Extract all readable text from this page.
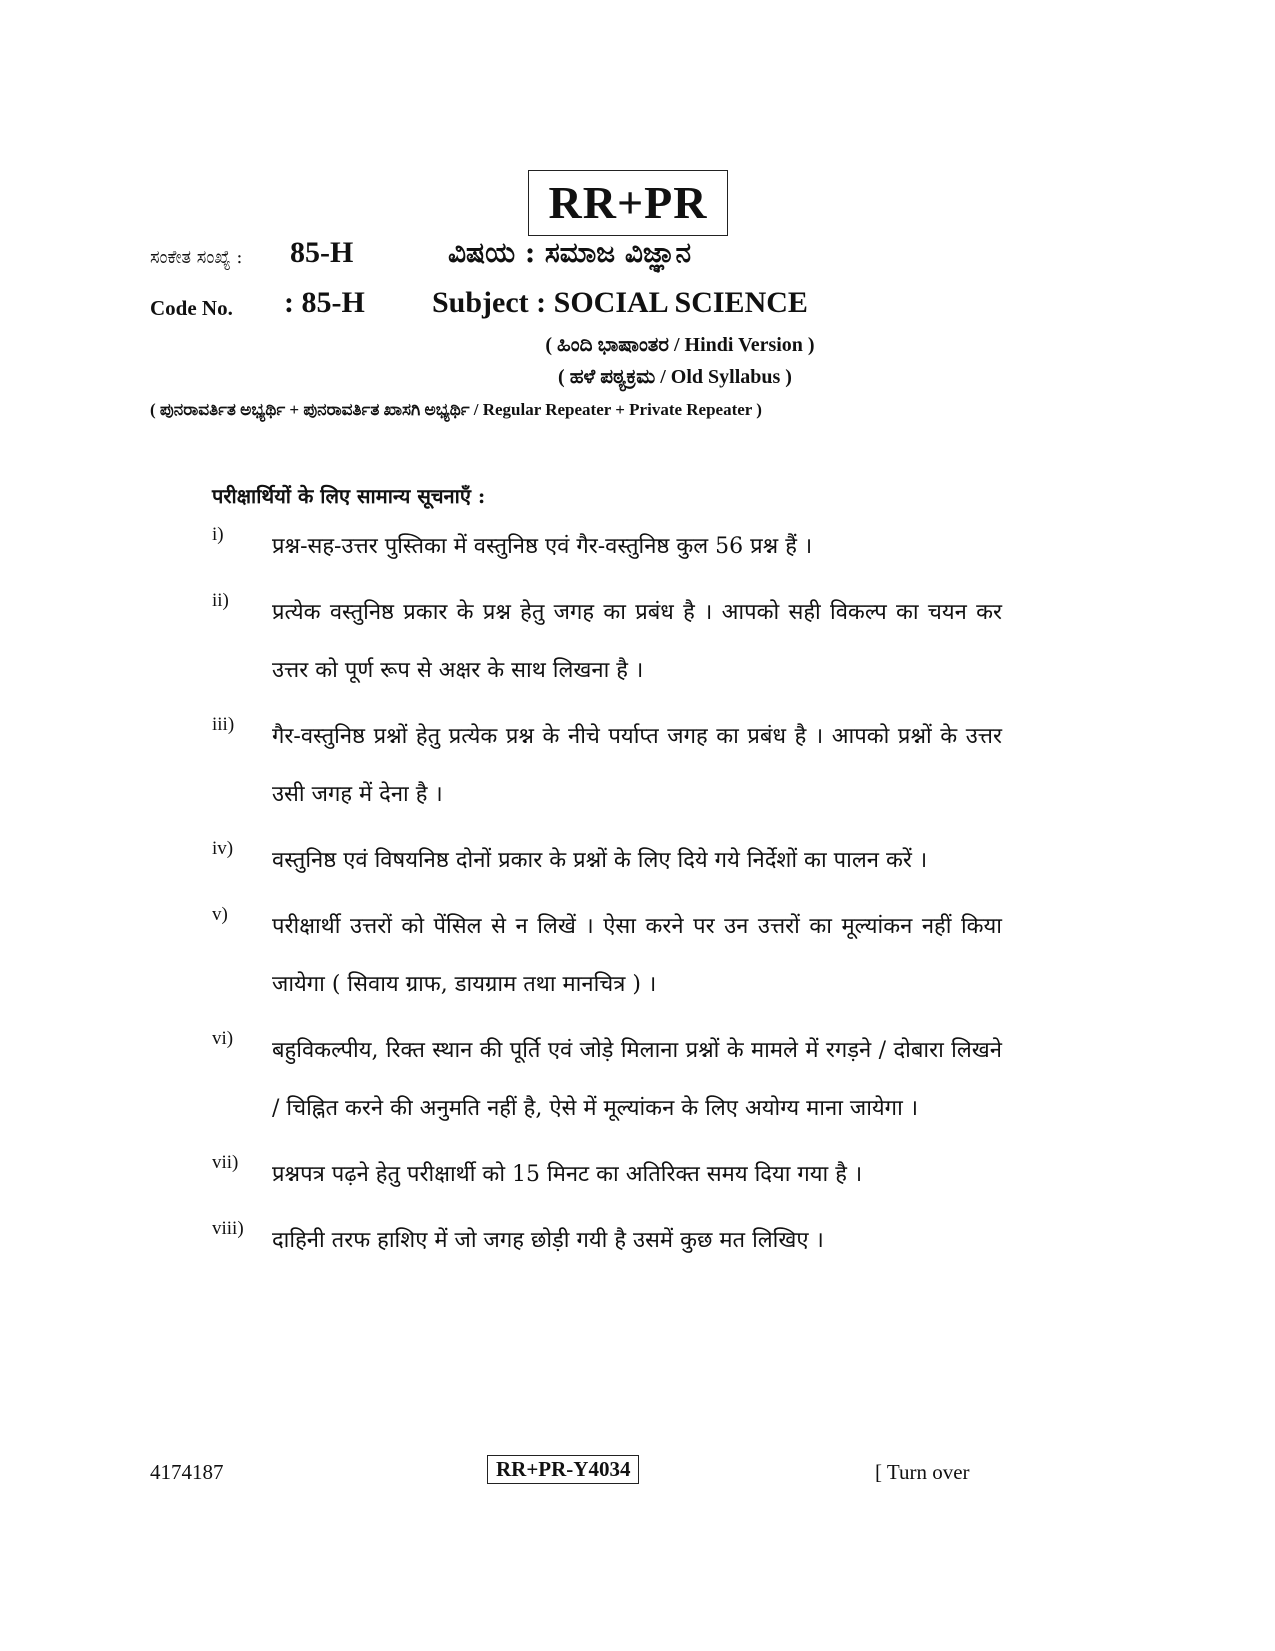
RR+PR
ಸಂಕೇತ ಸಂಖ್ಯೆ : 85-H	ವಿಷಯ : ಸಮಾಜ ವಿಜ್ಞಾನ
Code No. : 85-H Subject : SOCIAL SCIENCE
( ಹಿಂದಿ ಭಾಷಾಂತರ / Hindi Version )
( ಹಳೆ ಪಠ್ಯಕ್ರಮ / Old Syllabus )
( ಪುನರಾವರ್ತಿತ ಅಭ್ಯರ್ಥಿ + ಪುನರಾವರ್ತಿತ ಖಾಸಗಿ ಅಭ್ಯರ್ಥಿ / Regular Repeater + Private Repeater )
परीक्षार्थियों के लिए सामान्य सूचनाएँ :
i) प्रश्न-सह-उत्तर पुस्तिका में वस्तुनिष्ठ एवं गैर-वस्तुनिष्ठ कुल 56 प्रश्न हैं ।
ii) प्रत्येक वस्तुनिष्ठ प्रकार के प्रश्न हेतु जगह का प्रबंध है । आपको सही विकल्प का चयन कर उत्तर को पूर्ण रूप से अक्षर के साथ लिखना है ।
iii) गैर-वस्तुनिष्ठ प्रश्नों हेतु प्रत्येक प्रश्न के नीचे पर्याप्त जगह का प्रबंध है । आपको प्रश्नों के उत्तर उसी जगह में देना है ।
iv) वस्तुनिष्ठ एवं विषयनिष्ठ दोनों प्रकार के प्रश्नों के लिए दिये गये निर्देशों का पालन करें ।
v) परीक्षार्थी उत्तरों को पेंसिल से न लिखें । ऐसा करने पर उन उत्तरों का मूल्यांकन नहीं किया जायेगा ( सिवाय ग्राफ, डायग्राम तथा मानचित्र ) ।
vi) बहुविकल्पीय, रिक्त स्थान की पूर्ति एवं जोड़े मिलाना प्रश्नों के मामले में रगड़ने / दोबारा लिखने / चिह्नित करने की अनुमति नहीं है, ऐसे में मूल्यांकन के लिए अयोग्य माना जायेगा ।
vii) प्रश्नपत्र पढ़ने हेतु परीक्षार्थी को 15 मिनट का अतिरिक्त समय दिया गया है ।
viii) दाहिनी तरफ हाशिए में जो जगह छोड़ी गयी है उसमें कुछ मत लिखिए ।
4174187	RR+PR-Y4034	[ Turn over
